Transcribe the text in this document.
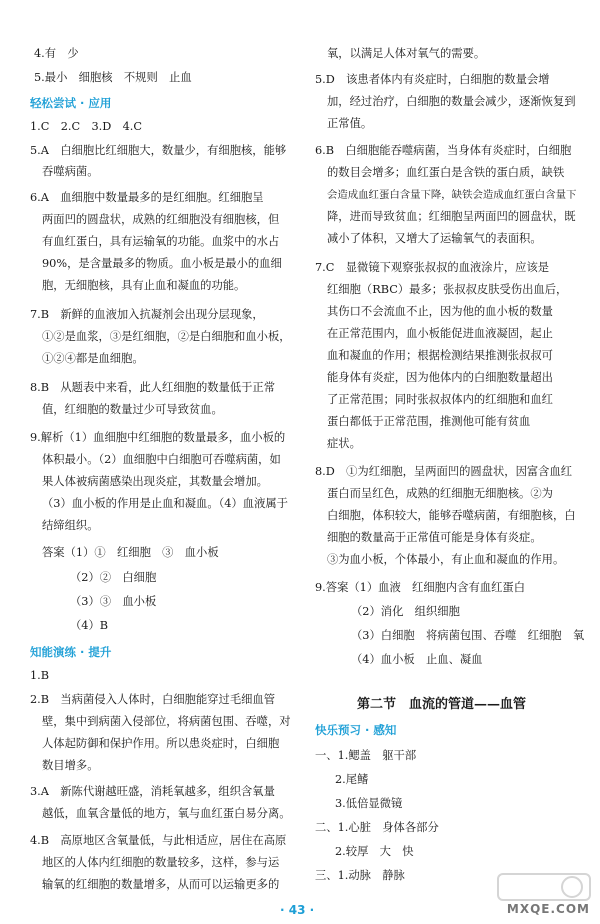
4.有　少
5.最小　细胞核　不规则　止血
轻松尝试 · 应用
1.C　2.C　3.D　4.C
5.A　白细胞比红细胞大，数量少，有细胞核，能够
吞噬病菌。
6.A　血细胞中数量最多的是红细胞。红细胞呈
两面凹的圆盘状，成熟的红细胞没有细胞核，但
有血红蛋白，具有运输氧的功能。血浆中的水占
90%，是含量最多的物质。血小板是最小的血细
胞，无细胞核，具有止血和凝血的功能。
7.B　新鲜的血液加入抗凝剂会出现分层现象，
①②是血浆，③是红细胞，②是白细胞和血小板，
①②④都是血细胞。
8.B　从题表中来看，此人红细胞的数量低于正常
值，红细胞的数量过少可导致贫血。
9.解析（1）血细胞中红细胞的数量最多，血小板的
体积最小。（2）血细胞中白细胞可吞噬病菌，如
果人体被病菌感染出现炎症，其数量会增加。
（3）血小板的作用是止血和凝血。（4）血液属于
结缔组织。
答案（1）①　红细胞　③　血小板
（2）②　白细胞
（3）③　血小板
（4）B
知能演练 · 提升
1.B
2.B　当病菌侵入人体时，白细胞能穿过毛细血管
壁，集中到病菌入侵部位，将病菌包围、吞噬，对
人体起防御和保护作用。所以患炎症时，白细胞
数目增多。
3.A　新陈代谢越旺盛，消耗氧越多，组织含氧量
越低，血氧含量低的地方，氧与血红蛋白易分离。
4.B　高原地区含氧量低，与此相适应，居住在高原
地区的人体内红细胞的数量较多，这样，参与运
输氧的红细胞的数量增多，从而可以运输更多的
氧，以满足人体对氧气的需要。
5.D　该患者体内有炎症时，白细胞的数量会增
加，经过治疗，白细胞的数量会减少，逐渐恢复到
正常值。
6.B　白细胞能吞噬病菌，当身体有炎症时，白细胞
的数目会增多；血红蛋白是含铁的蛋白质，缺铁
会造成血红蛋白含量下降，缺铁会造成血红蛋白含量下
降，进而导致贫血；红细胞呈两面凹的圆盘状，既
减小了体积，又增大了运输氧气的表面积。
7.C　显微镜下观察张叔叔的血液涂片，应该是
红细胞（RBC）最多；张叔叔皮肤受伤出血后，
其伤口不会流血不止，因为他的血小板的数量
在正常范围内，血小板能促进血液凝固，起止
血和凝血的作用；根据检测结果推测张叔叔可
能身体有炎症，因为他体内的白细胞数量超出
了正常范围；同时张叔叔体内的红细胞和血红
蛋白都低于正常范围，推测他可能有贫血
症状。
8.D　①为红细胞，呈两面凹的圆盘状，因富含血红
蛋白而呈红色，成熟的红细胞无细胞核。②为
白细胞，体积较大，能够吞噬病菌，有细胞核，白
细胞的数量高于正常值可能是身体有炎症。
③为血小板，个体最小，有止血和凝血的作用。
9.答案（1）血液　红细胞内含有血红蛋白
（2）消化　组织细胞
（3）白细胞　将病菌包围、吞噬　红细胞　氧
（4）血小板　止血、凝血
第二节　血流的管道——血管
快乐预习 · 感知
一、1.鳃盖　躯干部
2.尾鳍
3.低倍显微镜
二、1.心脏　身体各部分
2.较厚　大　快
三、1.动脉　静脉
· 43 ·	MXQE.COM
